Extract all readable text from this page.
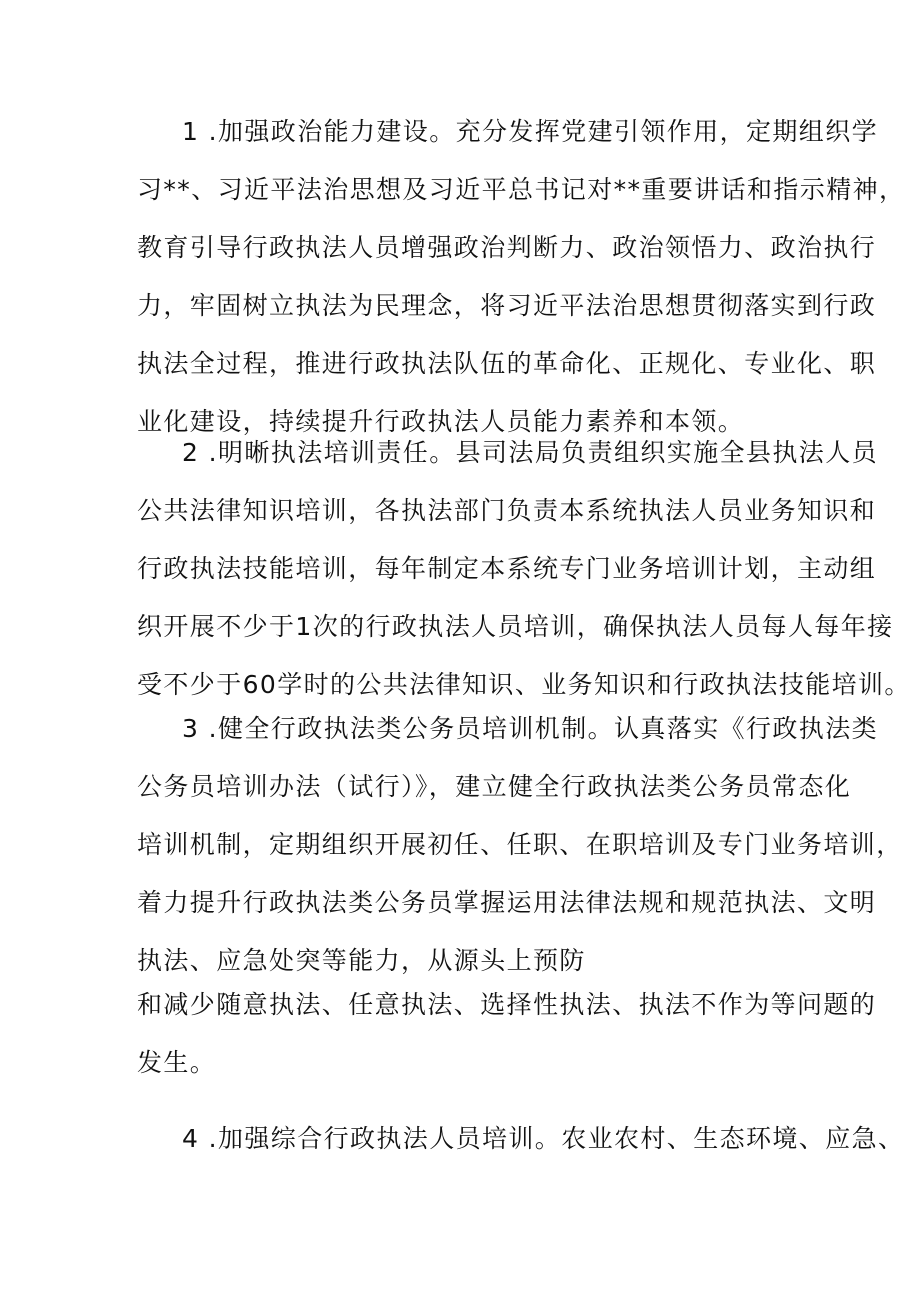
1 .加强政治能力建设。充分发挥党建引领作用，定期组织学
习**、习近平法治思想及习近平总书记对**重要讲话和指示精神，
教育引导行政执法人员增强政治判断力、政治领悟力、政治执行
力，牢固树立执法为民理念，将习近平法治思想贯彻落实到行政
执法全过程，推进行政执法队伍的革命化、正规化、专业化、职
业化建设，持续提升行政执法人员能力素养和本领。
2 .明晰执法培训责任。县司法局负责组织实施全县执法人员
公共法律知识培训，各执法部门负责本系统执法人员业务知识和
行政执法技能培训，每年制定本系统专门业务培训计划，主动组
织开展不少于1次的行政执法人员培训，确保执法人员每人每年接
受不少于60学时的公共法律知识、业务知识和行政执法技能培训。
3 .健全行政执法类公务员培训机制。认真落实《行政执法类
公务员培训办法（试行）》，建立健全行政执法类公务员常态化
培训机制，定期组织开展初任、任职、在职培训及专门业务培训，
着力提升行政执法类公务员掌握运用法律法规和规范执法、文明
执法、应急处突等能力，从源头上预防
和减少随意执法、任意执法、选择性执法、执法不作为等问题的
发生。
4 .加强综合行政执法人员培训。农业农村、生态环境、应急、
